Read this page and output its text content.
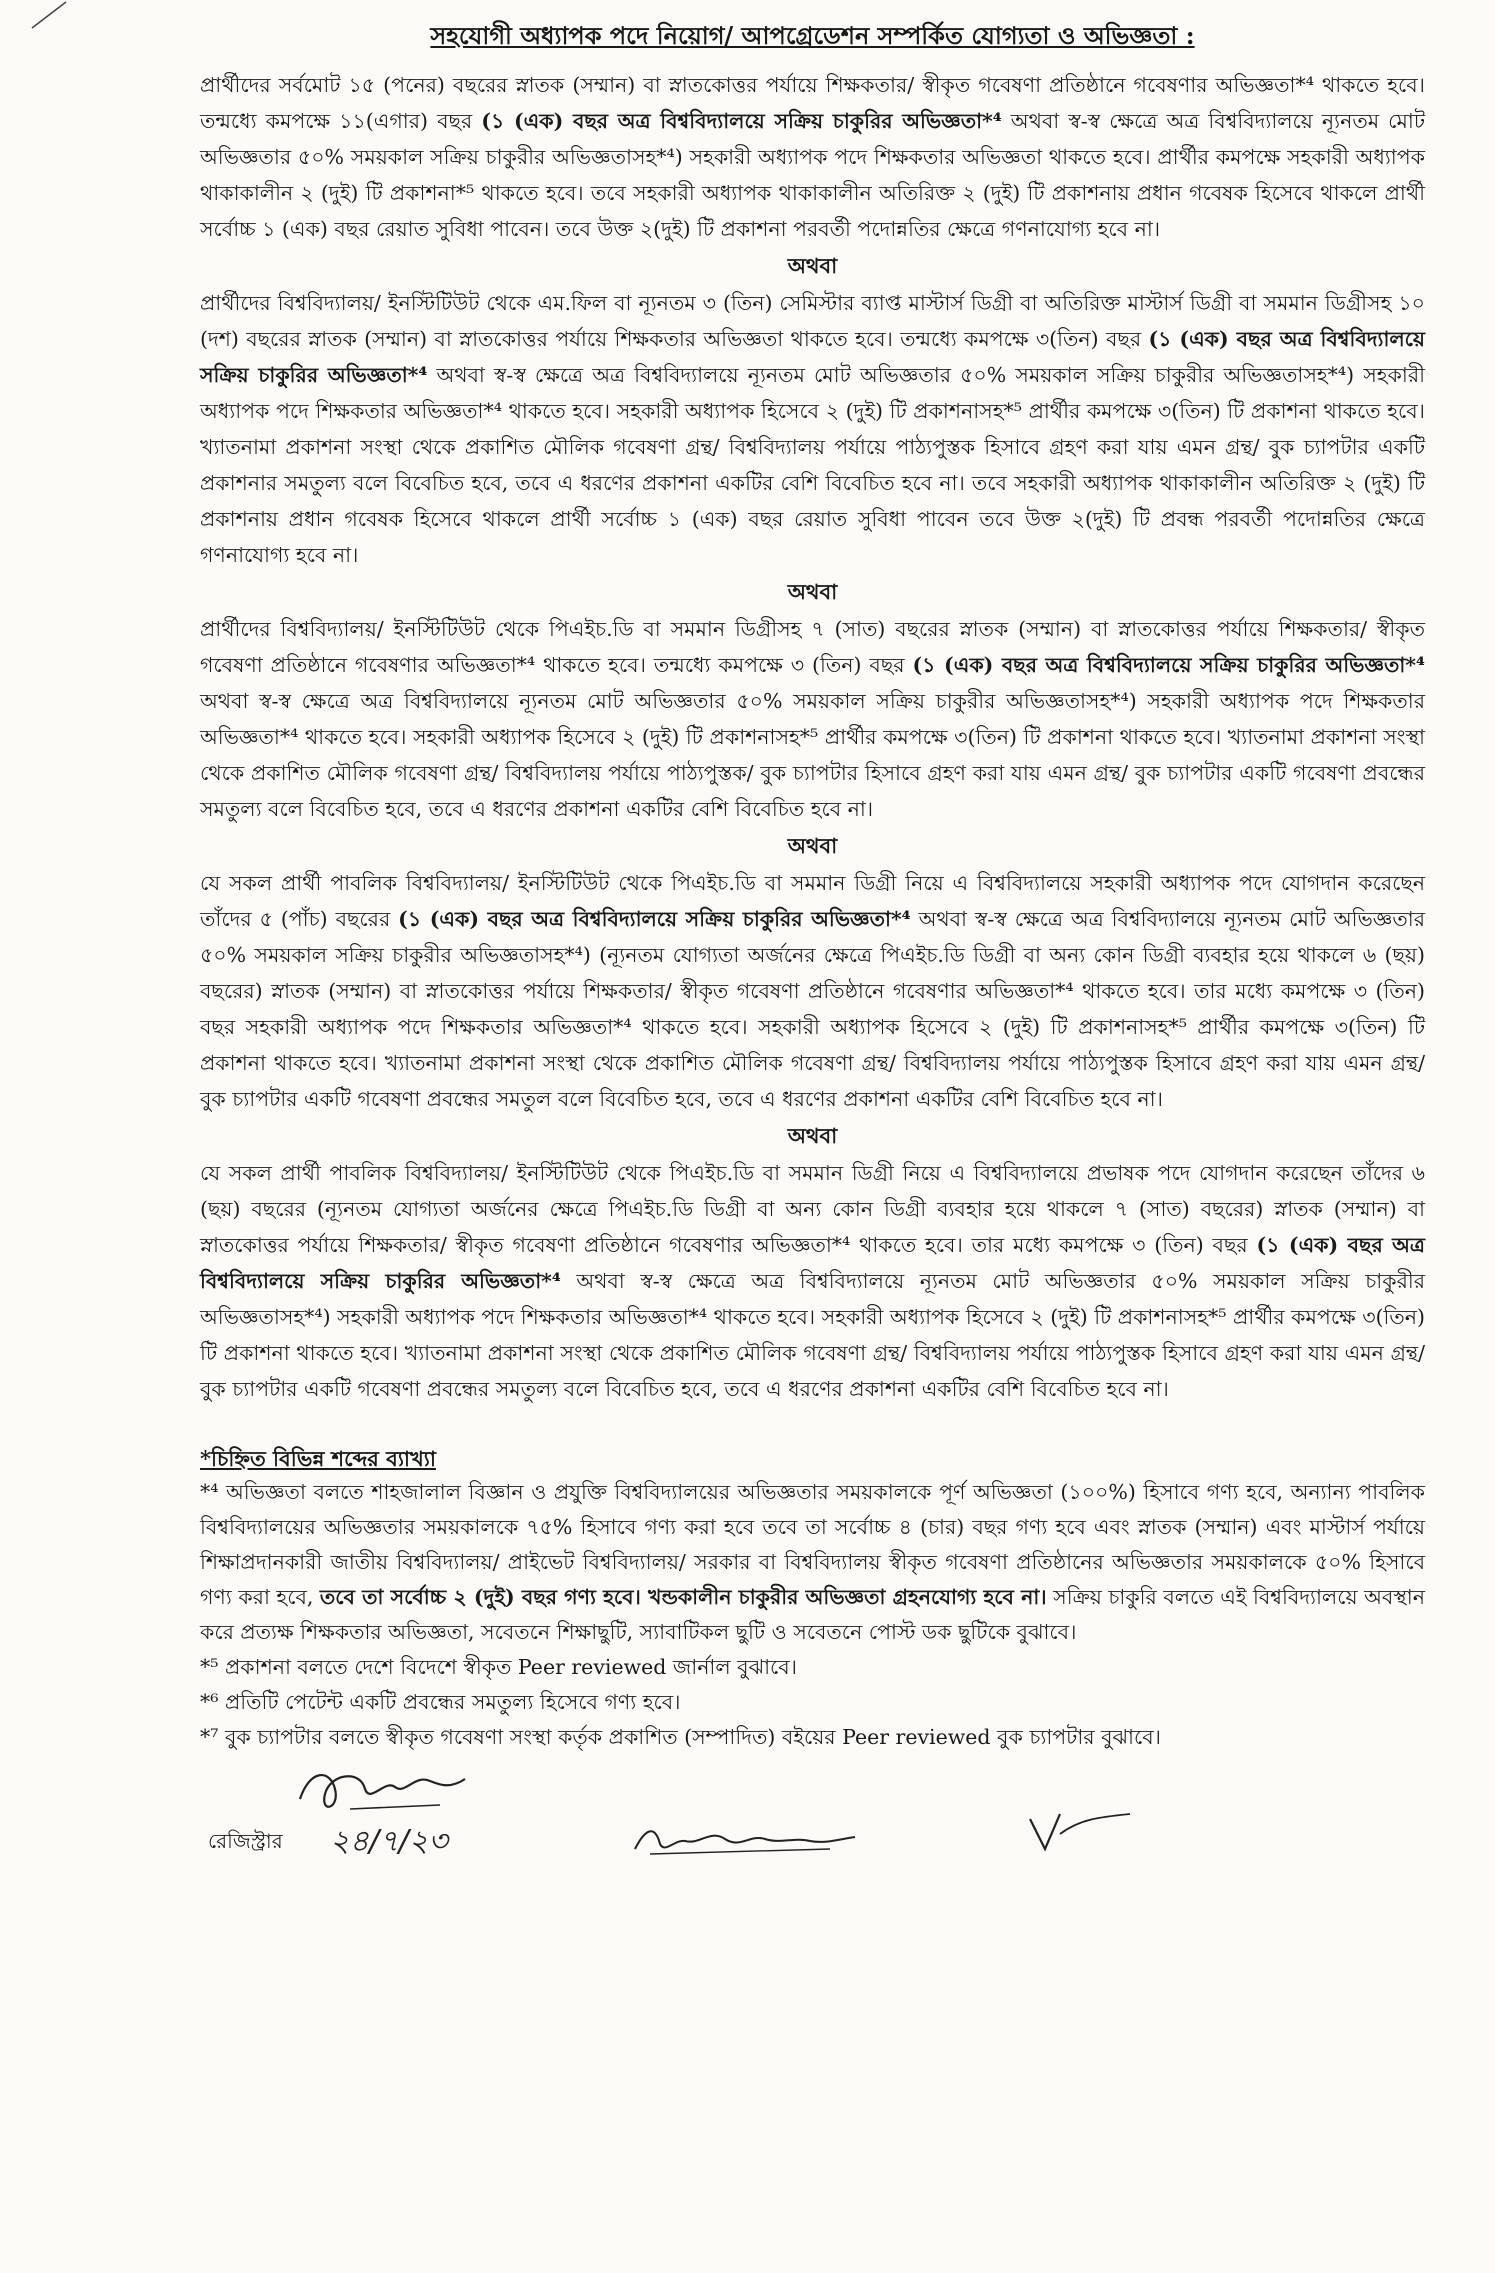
সহযোগী অধ্যাপক পদে নিয়োগ/ আপগ্রেডেশন সম্পর্কিত যোগ্যতা ও অভিজ্ঞতা :

প্রার্থীদের সর্বমোট ১৫ (পনের) বছরের স্নাতক (সম্মান) বা স্নাতকোত্তর পর্যায়ে শিক্ষকতার/ স্বীকৃত গবেষণা প্রতিষ্ঠানে গবেষণার অভিজ্ঞতা*⁴ থাকতে হবে। তন্মধ্যে কমপক্ষে ১১(এগার) বছর (১ (এক) বছর অত্র বিশ্ববিদ্যালয়ে সক্রিয় চাকুরির অভিজ্ঞতা*⁴ অথবা স্ব-স্ব ক্ষেত্রে অত্র বিশ্ববিদ্যালয়ে ন্যূনতম মোট অভিজ্ঞতার ৫০% সময়কাল সক্রিয় চাকুরীর অভিজ্ঞতাসহ*⁴) সহকারী অধ্যাপক পদে শিক্ষকতার অভিজ্ঞতা থাকতে হবে। প্রার্থীর কমপক্ষে সহকারী অধ্যাপক থাকাকালীন ২ (দুই) টি প্রকাশনা*⁵ থাকতে হবে। তবে সহকারী অধ্যাপক থাকাকালীন অতিরিক্ত ২ (দুই) টি প্রকাশনায় প্রধান গবেষক হিসেবে থাকলে প্রার্থী সর্বোচ্চ ১ (এক) বছর রেয়াত সুবিধা পাবেন। তবে উক্ত ২(দুই) টি প্রকাশনা পরবর্তী পদোন্নতির ক্ষেত্রে গণনাযোগ্য হবে না।

অথবা

প্রার্থীদের বিশ্ববিদ্যালয়/ ইনস্টিটিউট থেকে এম.ফিল বা ন্যূনতম ৩ (তিন) সেমিস্টার ব্যাপ্ত মাস্টার্স ডিগ্রী বা অতিরিক্ত মাস্টার্স ডিগ্রী বা সমমান ডিগ্রীসহ ১০ (দশ) বছরের স্নাতক (সম্মান) বা স্নাতকোত্তর পর্যায়ে শিক্ষকতার অভিজ্ঞতা থাকতে হবে। তন্মধ্যে কমপক্ষে ৩(তিন) বছর (১ (এক) বছর অত্র বিশ্ববিদ্যালয়ে সক্রিয় চাকুরির অভিজ্ঞতা*⁴ অথবা স্ব-স্ব ক্ষেত্রে অত্র বিশ্ববিদ্যালয়ে ন্যূনতম মোট অভিজ্ঞতার ৫০% সময়কাল সক্রিয় চাকুরীর অভিজ্ঞতাসহ*⁴) সহকারী অধ্যাপক পদে শিক্ষকতার অভিজ্ঞতা*⁴ থাকতে হবে। সহকারী অধ্যাপক হিসেবে ২ (দুই) টি প্রকাশনাসহ*⁵ প্রার্থীর কমপক্ষে ৩(তিন) টি প্রকাশনা থাকতে হবে। খ্যাতনামা প্রকাশনা সংস্থা থেকে প্রকাশিত মৌলিক গবেষণা গ্রন্থ/ বিশ্ববিদ্যালয় পর্যায়ে পাঠ্যপুস্তক হিসাবে গ্রহণ করা যায় এমন গ্রন্থ/ বুক চ্যাপটার একটি প্রকাশনার সমতুল্য বলে বিবেচিত হবে, তবে এ ধরণের প্রকাশনা একটির বেশি বিবেচিত হবে না। তবে সহকারী অধ্যাপক থাকাকালীন অতিরিক্ত ২ (দুই) টি প্রকাশনায় প্রধান গবেষক হিসেবে থাকলে প্রার্থী সর্বোচ্চ ১ (এক) বছর রেয়াত সুবিধা পাবেন তবে উক্ত ২(দুই) টি প্রবন্ধ পরবর্তী পদোন্নতির ক্ষেত্রে গণনাযোগ্য হবে না।

অথবা

প্রার্থীদের বিশ্ববিদ্যালয়/ ইনস্টিটিউট থেকে পিএইচ.ডি বা সমমান ডিগ্রীসহ ৭ (সাত) বছরের স্নাতক (সম্মান) বা স্নাতকোত্তর পর্যায়ে শিক্ষকতার/ স্বীকৃত গবেষণা প্রতিষ্ঠানে গবেষণার অভিজ্ঞতা*⁴ থাকতে হবে। তন্মধ্যে কমপক্ষে ৩ (তিন) বছর (১ (এক) বছর অত্র বিশ্ববিদ্যালয়ে সক্রিয় চাকুরির অভিজ্ঞতা*⁴ অথবা স্ব-স্ব ক্ষেত্রে অত্র বিশ্ববিদ্যালয়ে ন্যূনতম মোট অভিজ্ঞতার ৫০% সময়কাল সক্রিয় চাকুরীর অভিজ্ঞতাসহ*⁴) সহকারী অধ্যাপক পদে শিক্ষকতার অভিজ্ঞতা*⁴ থাকতে হবে। সহকারী অধ্যাপক হিসেবে ২ (দুই) টি প্রকাশনাসহ*⁵ প্রার্থীর কমপক্ষে ৩(তিন) টি প্রকাশনা থাকতে হবে। খ্যাতনামা প্রকাশনা সংস্থা থেকে প্রকাশিত মৌলিক গবেষণা গ্রন্থ/ বিশ্ববিদ্যালয় পর্যায়ে পাঠ্যপুস্তক/ বুক চ্যাপটার হিসাবে গ্রহণ করা যায় এমন গ্রন্থ/ বুক চ্যাপটার একটি গবেষণা প্রবন্ধের সমতুল্য বলে বিবেচিত হবে, তবে এ ধরণের প্রকাশনা একটির বেশি বিবেচিত হবে না।

অথবা

যে সকল প্রার্থী পাবলিক বিশ্ববিদ্যালয়/ ইনস্টিটিউট থেকে পিএইচ.ডি বা সমমান ডিগ্রী নিয়ে এ বিশ্ববিদ্যালয়ে সহকারী অধ্যাপক পদে যোগদান করেছেন তাঁদের ৫ (পাঁচ) বছরের (১ (এক) বছর অত্র বিশ্ববিদ্যালয়ে সক্রিয় চাকুরির অভিজ্ঞতা*⁴ অথবা স্ব-স্ব ক্ষেত্রে অত্র বিশ্ববিদ্যালয়ে ন্যূনতম মোট অভিজ্ঞতার ৫০% সময়কাল সক্রিয় চাকুরীর অভিজ্ঞতাসহ*⁴) (ন্যূনতম যোগ্যতা অর্জনের ক্ষেত্রে পিএইচ.ডি ডিগ্রী বা অন্য কোন ডিগ্রী ব্যবহার হয়ে থাকলে ৬ (ছয়) বছরের) স্নাতক (সম্মান) বা স্নাতকোত্তর পর্যায়ে শিক্ষকতার/ স্বীকৃত গবেষণা প্রতিষ্ঠানে গবেষণার অভিজ্ঞতা*⁴ থাকতে হবে। তার মধ্যে কমপক্ষে ৩ (তিন) বছর সহকারী অধ্যাপক পদে শিক্ষকতার অভিজ্ঞতা*⁴ থাকতে হবে। সহকারী অধ্যাপক হিসেবে ২ (দুই) টি প্রকাশনাসহ*⁵ প্রার্থীর কমপক্ষে ৩(তিন) টি প্রকাশনা থাকতে হবে। খ্যাতনামা প্রকাশনা সংস্থা থেকে প্রকাশিত মৌলিক গবেষণা গ্রন্থ/ বিশ্ববিদ্যালয় পর্যায়ে পাঠ্যপুস্তক হিসাবে গ্রহণ করা যায় এমন গ্রন্থ/ বুক চ্যাপটার একটি গবেষণা প্রবন্ধের সমতুল বলে বিবেচিত হবে, তবে এ ধরণের প্রকাশনা একটির বেশি বিবেচিত হবে না।

অথবা

যে সকল প্রার্থী পাবলিক বিশ্ববিদ্যালয়/ ইনস্টিটিউট থেকে পিএইচ.ডি বা সমমান ডিগ্রী নিয়ে এ বিশ্ববিদ্যালয়ে প্রভাষক পদে যোগদান করেছেন তাঁদের ৬ (ছয়) বছরের (ন্যূনতম যোগ্যতা অর্জনের ক্ষেত্রে পিএইচ.ডি ডিগ্রী বা অন্য কোন ডিগ্রী ব্যবহার হয়ে থাকলে ৭ (সাত) বছরের) স্নাতক (সম্মান) বা স্নাতকোত্তর পর্যায়ে শিক্ষকতার/ স্বীকৃত গবেষণা প্রতিষ্ঠানে গবেষণার অভিজ্ঞতা*⁴ থাকতে হবে। তার মধ্যে কমপক্ষে ৩ (তিন) বছর (১ (এক) বছর অত্র বিশ্ববিদ্যালয়ে সক্রিয় চাকুরির অভিজ্ঞতা*⁴ অথবা স্ব-স্ব ক্ষেত্রে অত্র বিশ্ববিদ্যালয়ে ন্যূনতম মোট অভিজ্ঞতার ৫০% সময়কাল সক্রিয় চাকুরীর অভিজ্ঞতাসহ*⁴) সহকারী অধ্যাপক পদে শিক্ষকতার অভিজ্ঞতা*⁴ থাকতে হবে। সহকারী অধ্যাপক হিসেবে ২ (দুই) টি প্রকাশনাসহ*⁵ প্রার্থীর কমপক্ষে ৩(তিন) টি প্রকাশনা থাকতে হবে। খ্যাতনামা প্রকাশনা সংস্থা থেকে প্রকাশিত মৌলিক গবেষণা গ্রন্থ/ বিশ্ববিদ্যালয় পর্যায়ে পাঠ্যপুস্তক হিসাবে গ্রহণ করা যায় এমন গ্রন্থ/ বুক চ্যাপটার একটি গবেষণা প্রবন্ধের সমতুল্য বলে বিবেচিত হবে, তবে এ ধরণের প্রকাশনা একটির বেশি বিবেচিত হবে না।

*চিহ্নিত বিভিন্ন শব্দের ব্যাখ্যা

*⁴ অভিজ্ঞতা বলতে শাহজালাল বিজ্ঞান ও প্রযুক্তি বিশ্ববিদ্যালয়ের অভিজ্ঞতার সময়কালকে পূর্ণ অভিজ্ঞতা (১০০%) হিসাবে গণ্য হবে, অন্যান্য পাবলিক বিশ্ববিদ্যালয়ের অভিজ্ঞতার সময়কালকে ৭৫% হিসাবে গণ্য করা হবে তবে তা সর্বোচ্চ ৪ (চার) বছর গণ্য হবে এবং স্নাতক (সম্মান) এবং মাস্টার্স পর্যায়ে শিক্ষাপ্রদানকারী জাতীয় বিশ্ববিদ্যালয়/ প্রাইভেট বিশ্ববিদ্যালয়/ সরকার বা বিশ্ববিদ্যালয় স্বীকৃত গবেষণা প্রতিষ্ঠানের অভিজ্ঞতার সময়কালকে ৫০% হিসাবে গণ্য করা হবে, তবে তা সর্বোচ্চ ২ (দুই) বছর গণ্য হবে। খন্ডকালীন চাকুরীর অভিজ্ঞতা গ্রহনযোগ্য হবে না। সক্রিয় চাকুরি বলতে এই বিশ্ববিদ্যালয়ে অবস্থান করে প্রত্যক্ষ শিক্ষকতার অভিজ্ঞতা, সবেতনে শিক্ষাছুটি, স্যাবাটিকল ছুটি ও সবেতনে পোস্ট ডক ছুটিকে বুঝাবে।

*⁵ প্রকাশনা বলতে দেশে বিদেশে স্বীকৃত Peer reviewed জার্নাল বুঝাবে।

*⁶ প্রতিটি পেটেন্ট একটি প্রবন্ধের সমতুল্য হিসেবে গণ্য হবে।

*⁷ বুক চ্যাপটার বলতে স্বীকৃত গবেষণা সংস্থা কর্তৃক প্রকাশিত (সম্পাদিত) বইয়ের Peer reviewed বুক চ্যাপটার বুঝাবে।

২৪/৭/২৩
রেজিস্ট্রার
